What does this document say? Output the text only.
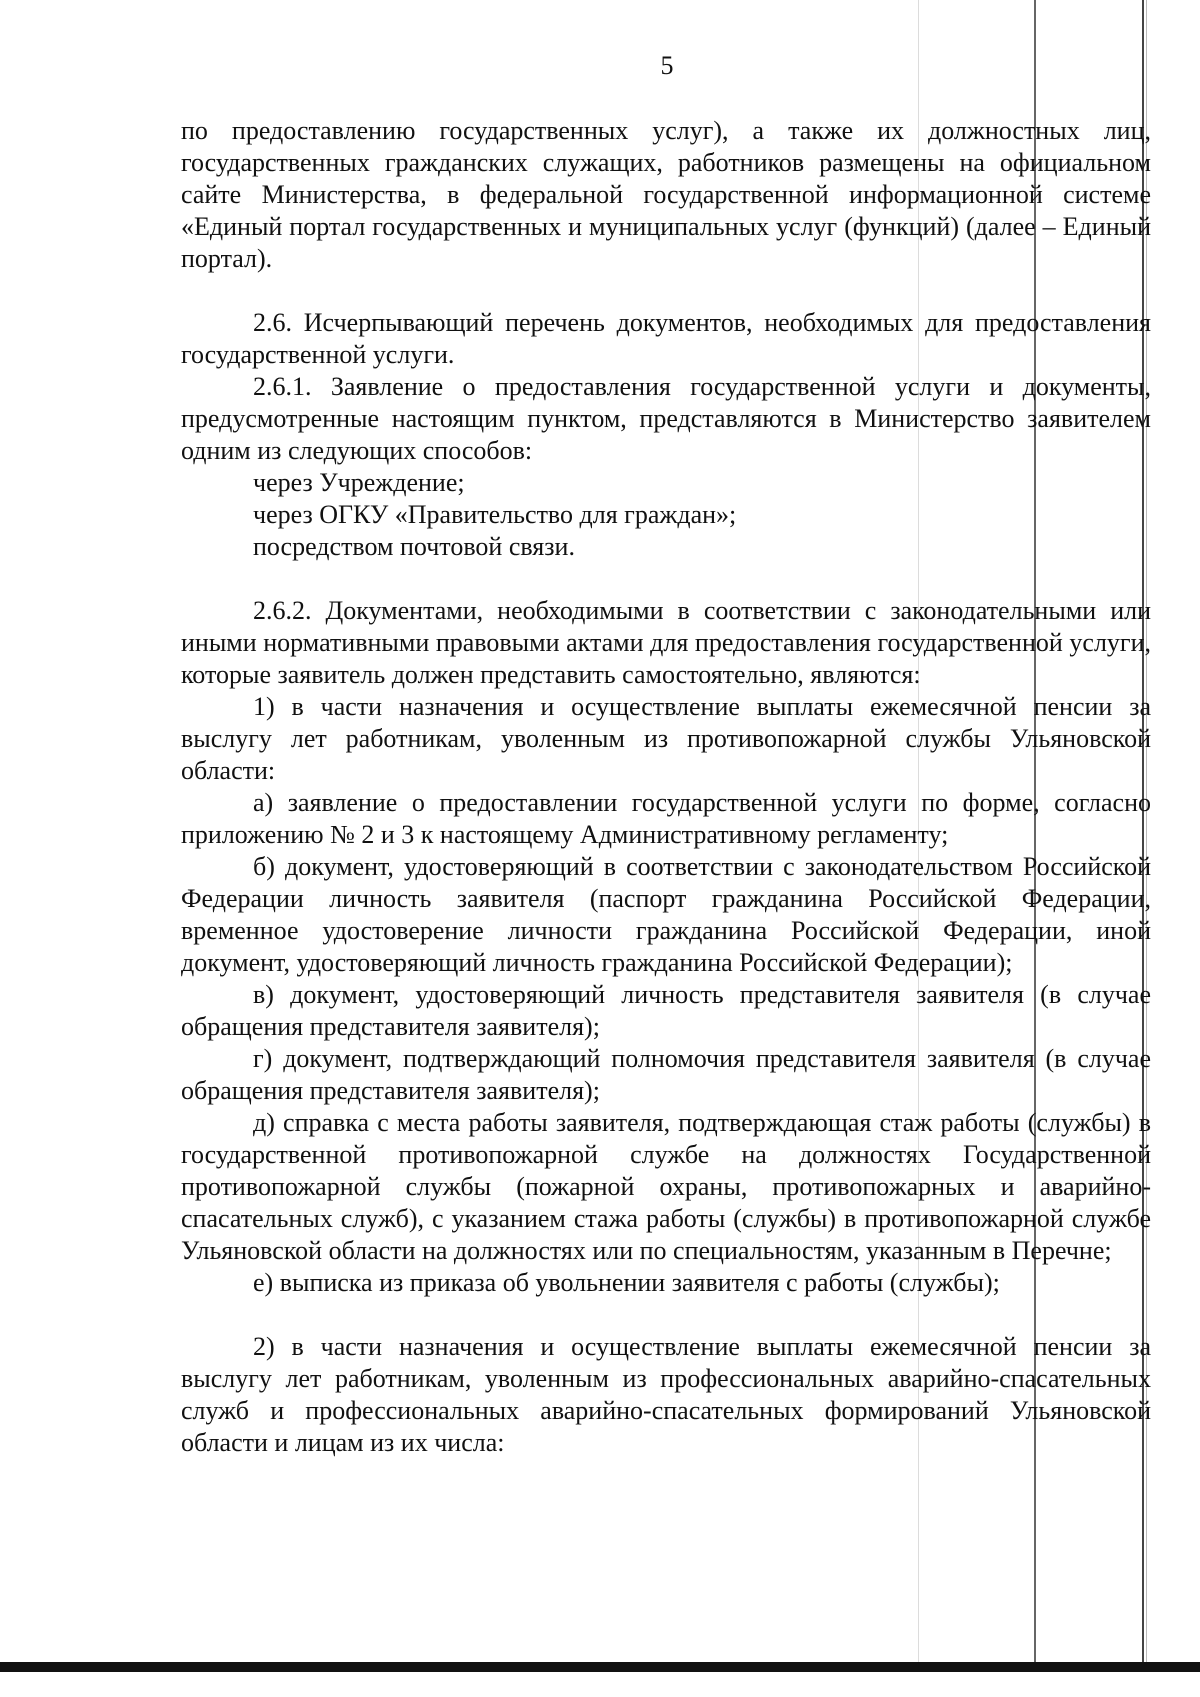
5

по предоставлению государственных услуг), а также их должностных лиц, государственных гражданских служащих, работников размещены на официальном сайте Министерства, в федеральной государственной информационной системе «Единый портал государственных и муниципальных услуг (функций) (далее – Единый портал).

2.6. Исчерпывающий перечень документов, необходимых для предоставления государственной услуги.

2.6.1. Заявление о предоставления государственной услуги и документы, предусмотренные настоящим пунктом, представляются в Министерство заявителем одним из следующих способов:

через Учреждение;

через ОГКУ «Правительство для граждан»;

посредством почтовой связи.

2.6.2. Документами, необходимыми в соответствии с законодательными или иными нормативными правовыми актами для предоставления государственной услуги, которые заявитель должен представить самостоятельно, являются:

1) в части назначения и осуществление выплаты ежемесячной пенсии за выслугу лет работникам, уволенным из противопожарной службы Ульяновской области:

а) заявление о предоставлении государственной услуги по форме, согласно приложению № 2 и 3 к настоящему Административному регламенту;

б) документ, удостоверяющий в соответствии с законодательством Российской Федерации личность заявителя (паспорт гражданина Российской Федерации, временное удостоверение личности гражданина Российской Федерации, иной документ, удостоверяющий личность гражданина Российской Федерации);

в) документ, удостоверяющий личность представителя заявителя (в случае обращения представителя заявителя);

г) документ, подтверждающий полномочия представителя заявителя (в случае обращения представителя заявителя);

д) справка с места работы заявителя, подтверждающая стаж работы (службы) в государственной противопожарной службе на должностях Государственной противопожарной службы (пожарной охраны, противопожарных и аварийно-спасательных служб), с указанием стажа работы (службы) в противопожарной службе Ульяновской области на должностях или по специальностям, указанным в Перечне;

е) выписка из приказа об увольнении заявителя с работы (службы);

2) в части назначения и осуществление выплаты ежемесячной пенсии за выслугу лет работникам, уволенным из профессиональных аварийно-спасательных служб и профессиональных аварийно-спасательных формирований Ульяновской области и лицам из их числа:
